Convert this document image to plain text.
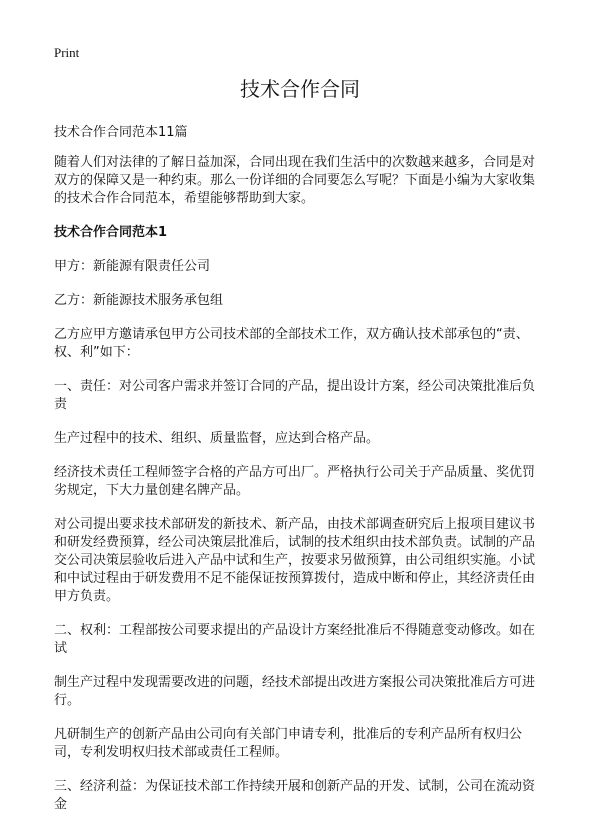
Print
技术合作合同

技术合作合同范本11篇

随着人们对法律的了解日益加深，合同出现在我们生活中的次数越来越多，合同是对双方的保障又是一种约束。那么一份详细的合同要怎么写呢？下面是小编为大家收集的技术合作合同范本，希望能够帮助到大家。

技术合作合同范本1

甲方：新能源有限责任公司

乙方：新能源技术服务承包组

乙方应甲方邀请承包甲方公司技术部的全部技术工作，双方确认技术部承包的“责、权、利”如下：

一、责任：对公司客户需求并签订合同的产品，提出设计方案，经公司决策批准后负责

生产过程中的技术、组织、质量监督，应达到合格产品。

经济技术责任工程师签字合格的产品方可出厂。严格执行公司关于产品质量、奖优罚劣规定，下大力量创建名牌产品。

对公司提出要求技术部研发的新技术、新产品，由技术部调查研究后上报项目建议书和研发经费预算，经公司决策层批准后，试制的技术组织由技术部负责。试制的产品交公司决策层验收后进入产品中试和生产，按要求另做预算，由公司组织实施。小试和中试过程由于研发费用不足不能保证按预算拨付，造成中断和停止，其经济责任由甲方负责。

二、权利：工程部按公司要求提出的产品设计方案经批准后不得随意变动修改。如在试

制生产过程中发现需要改进的问题，经技术部提出改进方案报公司决策批准后方可进行。

凡研制生产的创新产品由公司向有关部门申请专利，批准后的专利产品所有权归公司，专利发明权归技术部或责任工程师。

三、经济利益：为保证技术部工作持续开展和创新产品的开发、试制，公司在流动资金
